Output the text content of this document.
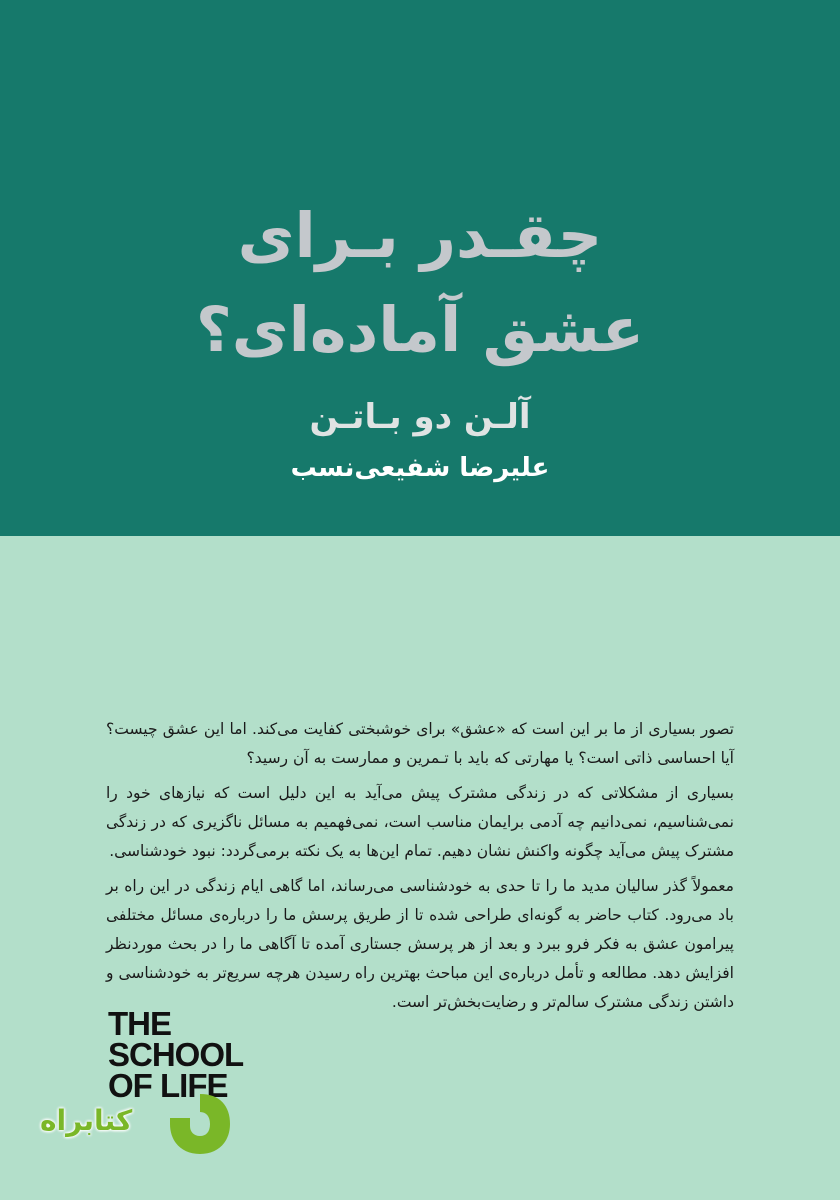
چقـدر بـرای
عشق آماده‌ای؟
آلـن دو بـاتـن
علیرضا شفیعی‌نسب

تصور بسیاری از ما بر این است که «عشق» برای خوشبختی کفایت می‌کند. اما این عشق چیست؟ آیا احساسی ذاتی است؟ یا مهارتی که باید با تـمرین و ممارست به آن رسید؟

بسیاری از مشکلاتی که در زندگی مشترک پیش می‌آید به این دلیل است که نیازهای خود را نمی‌شناسیم، نمی‌دانیم چه آدمی برایمان مناسب است، نمی‌فهمیم به مسائل ناگزیری که در زندگی مشترک پیش می‌آید چگونه واکنش نشان دهیم. تمام این‌ها به یک نکته برمی‌گردد: نبود خودشناسی.

معمولاً گذر سالیان مدید ما را تا حدی به خودشناسی می‌رساند، اما گاهی ایام زندگی در این راه بر باد می‌رود. کتاب حاضر به گونه‌ای طراحی شده تا از طریق پرسش ما را درباره‌ی مسائل مختلفی پیرامون عشق به فکر فرو ببرد و بعد از هر پرسش جستاری آمده تا آگاهی ما را در بحث موردنظر افزایش دهد. مطالعه و تأمل درباره‌ی این مباحث بهترین راه رسیدن هرچه سریع‌تر به خودشناسی و داشتن زندگی مشترک سالم‌تر و رضایت‌بخش‌تر است.

THE
SCHOOL
OF LIFE
کتابراه
